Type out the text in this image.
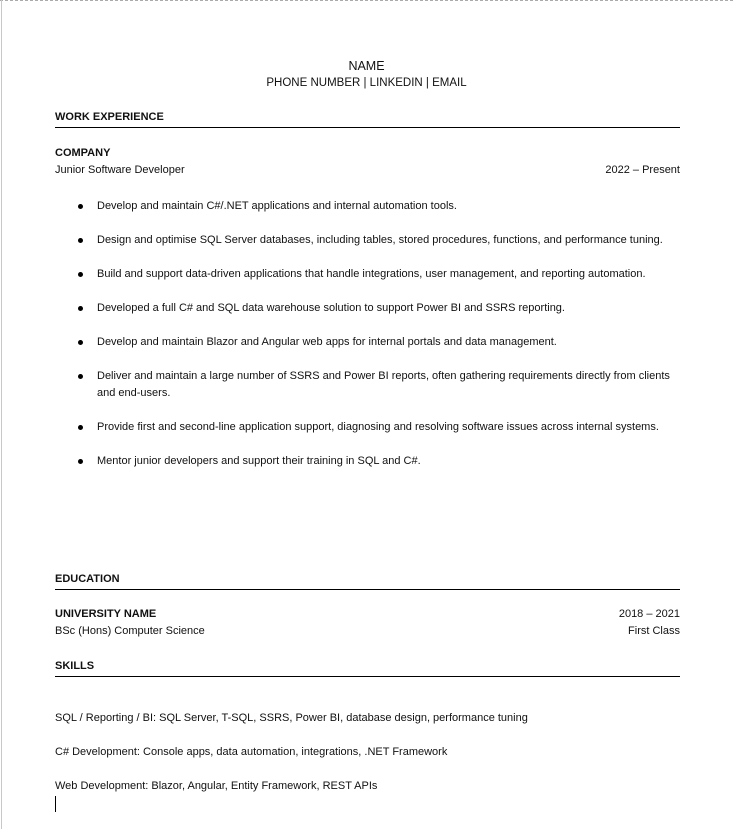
NAME
PHONE NUMBER | LINKEDIN | EMAIL
WORK EXPERIENCE
COMPANY
Junior Software Developer	2022 – Present
Develop and maintain C#/.NET applications and internal automation tools.
Design and optimise SQL Server databases, including tables, stored procedures, functions, and performance tuning.
Build and support data-driven applications that handle integrations, user management, and reporting automation.
Developed a full C# and SQL data warehouse solution to support Power BI and SSRS reporting.
Develop and maintain Blazor and Angular web apps for internal portals and data management.
Deliver and maintain a large number of SSRS and Power BI reports, often gathering requirements directly from clients and end-users.
Provide first and second-line application support, diagnosing and resolving software issues across internal systems.
Mentor junior developers and support their training in SQL and C#.
EDUCATION
UNIVERSITY NAME	2018 – 2021
BSc (Hons) Computer Science	First Class
SKILLS
SQL / Reporting / BI: SQL Server, T-SQL, SSRS, Power BI, database design, performance tuning
C# Development: Console apps, data automation, integrations, .NET Framework
Web Development: Blazor, Angular, Entity Framework, REST APIs
